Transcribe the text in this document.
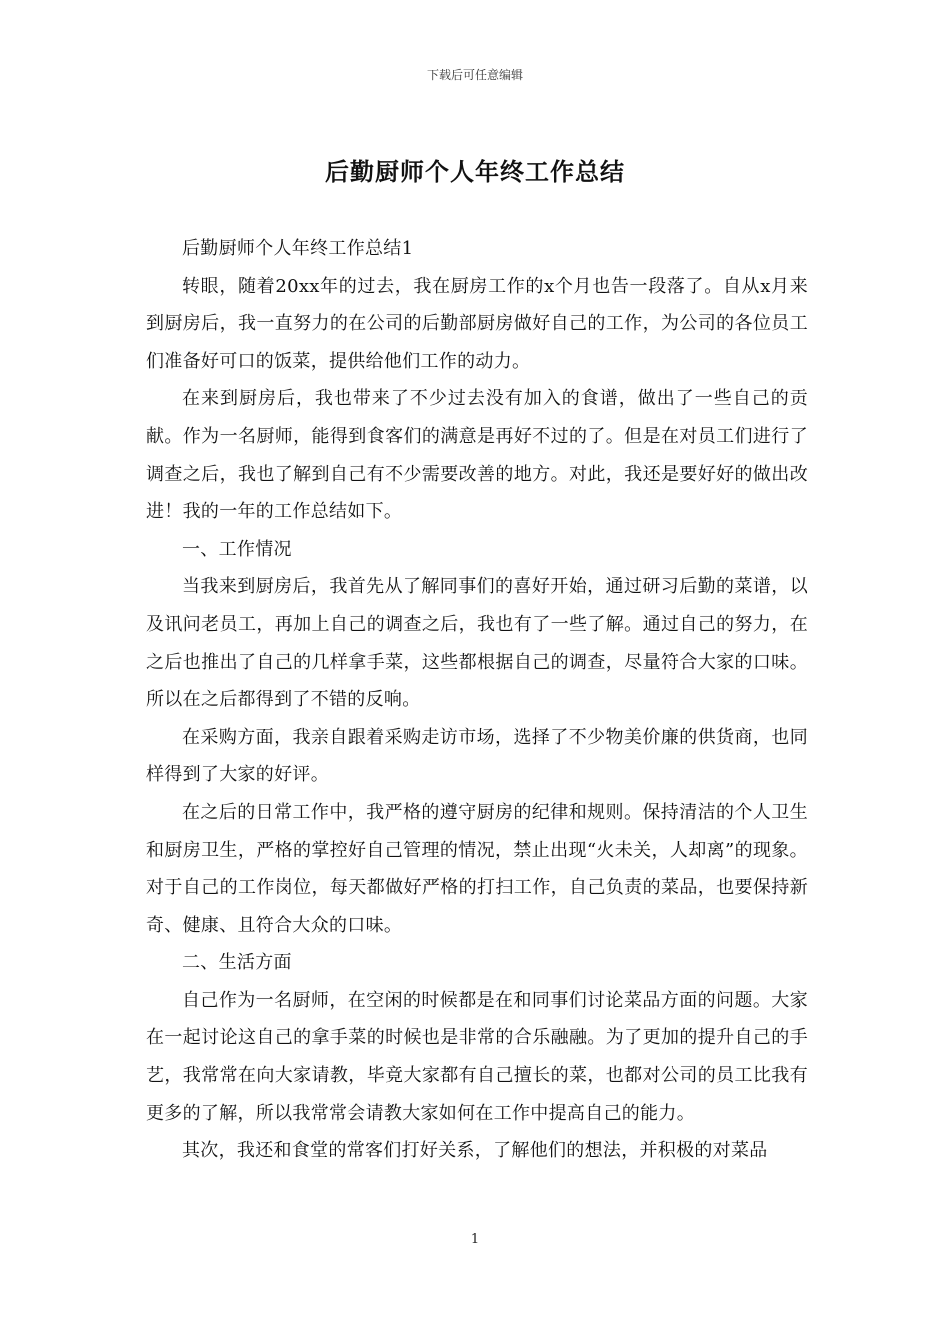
下载后可任意编辑
后勤厨师个人年终工作总结

后勤厨师个人年终工作总结1

转眼，随着20xx年的过去，我在厨房工作的x个月也告一段落了。自从x月来到厨房后，我一直努力的在公司的后勤部厨房做好自己的工作，为公司的各位员工们准备好可口的饭菜，提供给他们工作的动力。

在来到厨房后，我也带来了不少过去没有加入的食谱，做出了一些自己的贡献。作为一名厨师，能得到食客们的满意是再好不过的了。但是在对员工们进行了调查之后，我也了解到自己有不少需要改善的地方。对此，我还是要好好的做出改进！我的一年的工作总结如下。

一、工作情况

当我来到厨房后，我首先从了解同事们的喜好开始，通过研习后勤的菜谱，以及讯问老员工，再加上自己的调查之后，我也有了一些了解。通过自己的努力，在之后也推出了自己的几样拿手菜，这些都根据自己的调查，尽量符合大家的口味。所以在之后都得到了不错的反响。

在采购方面，我亲自跟着采购走访市场，选择了不少物美价廉的供货商，也同样得到了大家的好评。

在之后的日常工作中，我严格的遵守厨房的纪律和规则。保持清洁的个人卫生和厨房卫生，严格的掌控好自己管理的情况，禁止出现“火未关，人却离”的现象。对于自己的工作岗位，每天都做好严格的打扫工作，自己负责的菜品，也要保持新奇、健康、且符合大众的口味。

二、生活方面

自己作为一名厨师，在空闲的时候都是在和同事们讨论菜品方面的问题。大家在一起讨论这自己的拿手菜的时候也是非常的合乐融融。为了更加的提升自己的手艺，我常常在向大家请教，毕竟大家都有自己擅长的菜，也都对公司的员工比我有更多的了解，所以我常常会请教大家如何在工作中提高自己的能力。

其次，我还和食堂的常客们打好关系，了解他们的想法，并积极的对菜品

1
